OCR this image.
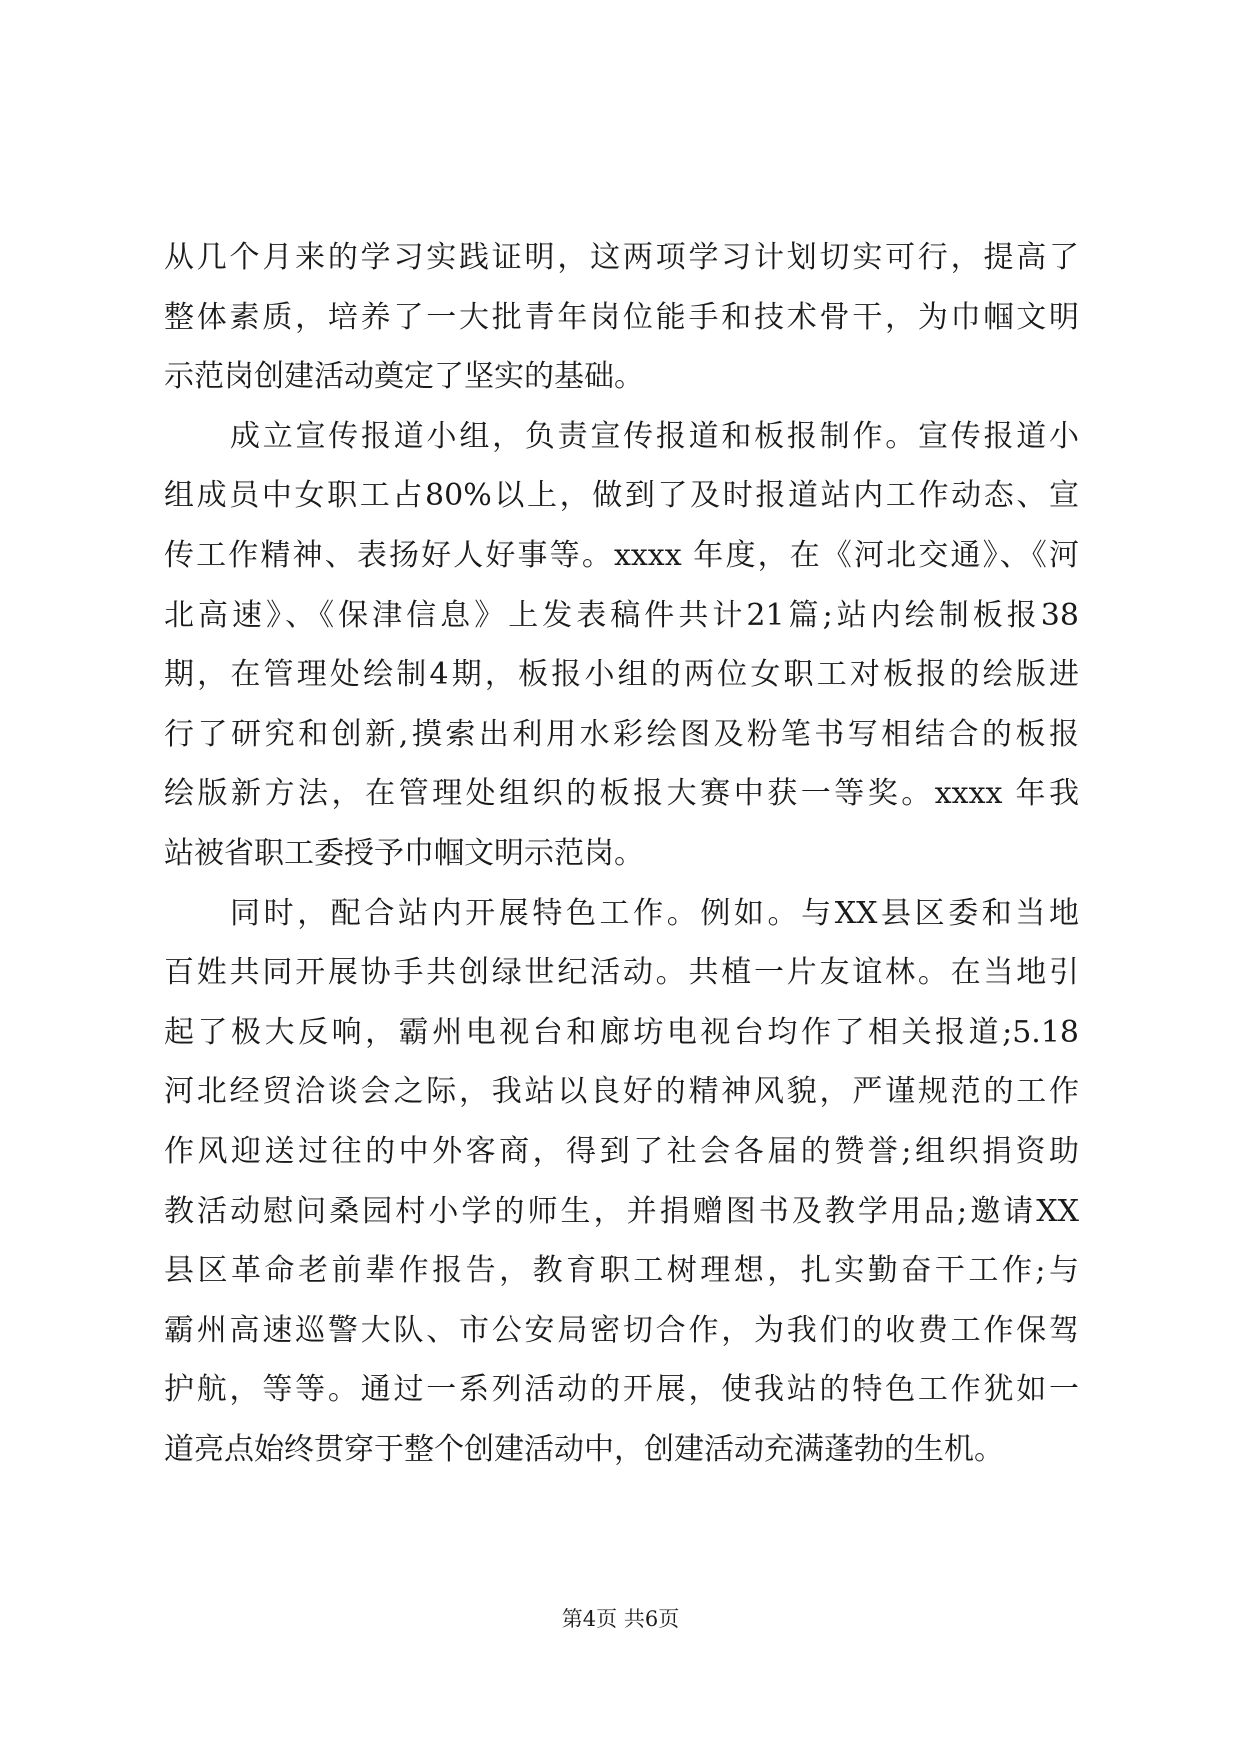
从几个月来的学习实践证明，这两项学习计划切实可行，提高了
整体素质，培养了一大批青年岗位能手和技术骨干，为巾帼文明
示范岗创建活动奠定了坚实的基础。
成立宣传报道小组，负责宣传报道和板报制作。宣传报道小
组成员中女职工占80%以上，做到了及时报道站内工作动态、宣
传工作精神、表扬好人好事等。xxxx 年度，在《河北交通》、《河
北高速》、《保津信息》上发表稿件共计21篇;站内绘制板报38
期，在管理处绘制4期，板报小组的两位女职工对板报的绘版进
行了研究和创新,摸索出利用水彩绘图及粉笔书写相结合的板报
绘版新方法，在管理处组织的板报大赛中获一等奖。xxxx 年我
站被省职工委授予巾帼文明示范岗。
同时，配合站内开展特色工作。例如。与XX县区委和当地
百姓共同开展协手共创绿世纪活动。共植一片友谊林。在当地引
起了极大反响，霸州电视台和廊坊电视台均作了相关报道;5.18
河北经贸洽谈会之际，我站以良好的精神风貌，严谨规范的工作
作风迎送过往的中外客商，得到了社会各届的赞誉;组织捐资助
教活动慰问桑园村小学的师生，并捐赠图书及教学用品;邀请XX
县区革命老前辈作报告，教育职工树理想，扎实勤奋干工作;与
霸州高速巡警大队、市公安局密切合作，为我们的收费工作保驾
护航，等等。通过一系列活动的开展，使我站的特色工作犹如一
道亮点始终贯穿于整个创建活动中，创建活动充满蓬勃的生机。
第4页 共6页
